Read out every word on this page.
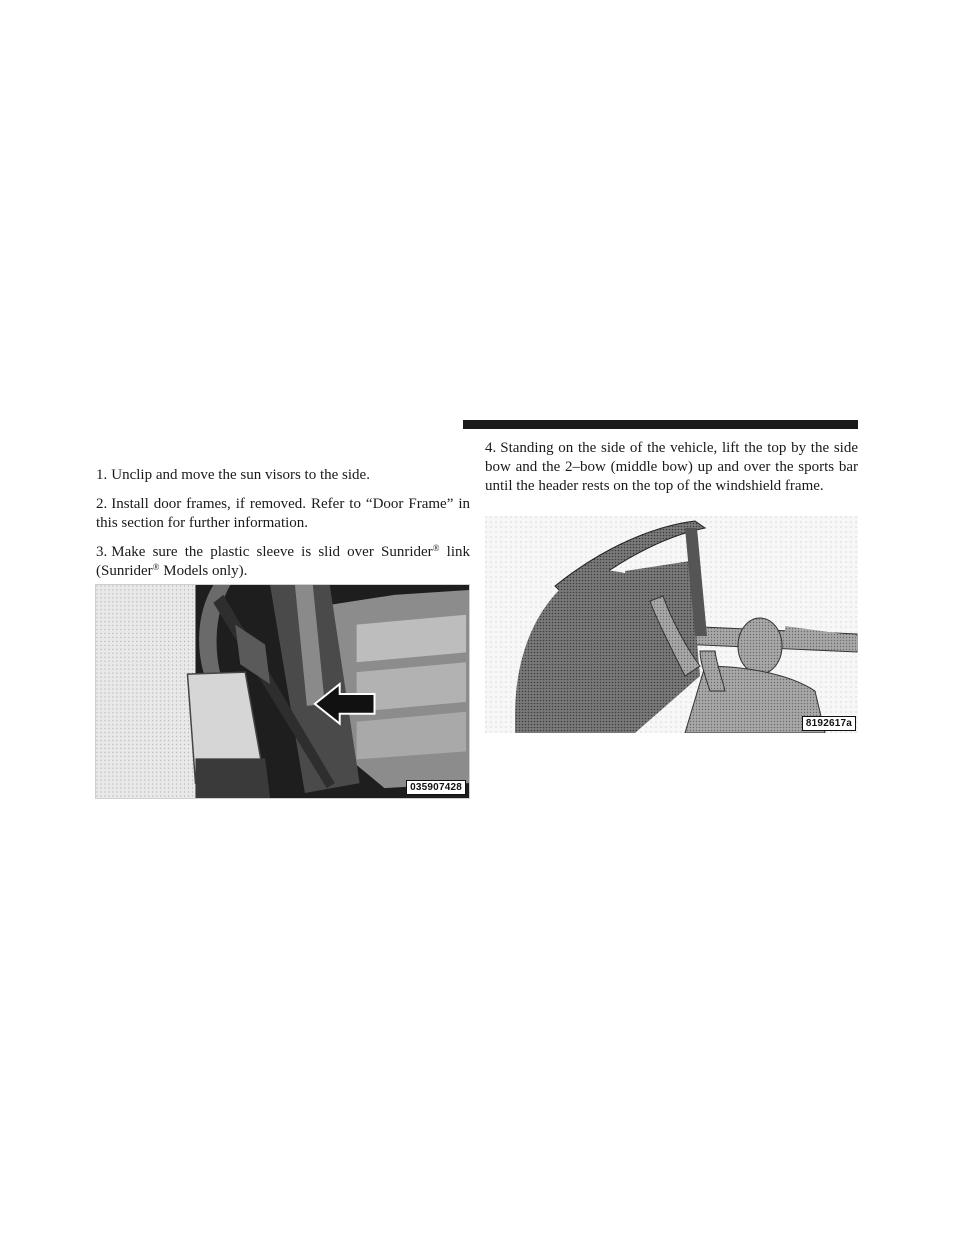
1. Unclip and move the sun visors to the side.

2. Install door frames, if removed. Refer to “Door Frame” in this section for further information.

3. Make sure the plastic sleeve is slid over Sunrider® link (Sunrider® Models only).

035907428

4. Standing on the side of the vehicle, lift the top by the side bow and the 2–bow (middle bow) up and over the sports bar until the header rests on the top of the windshield frame.

8192617a
